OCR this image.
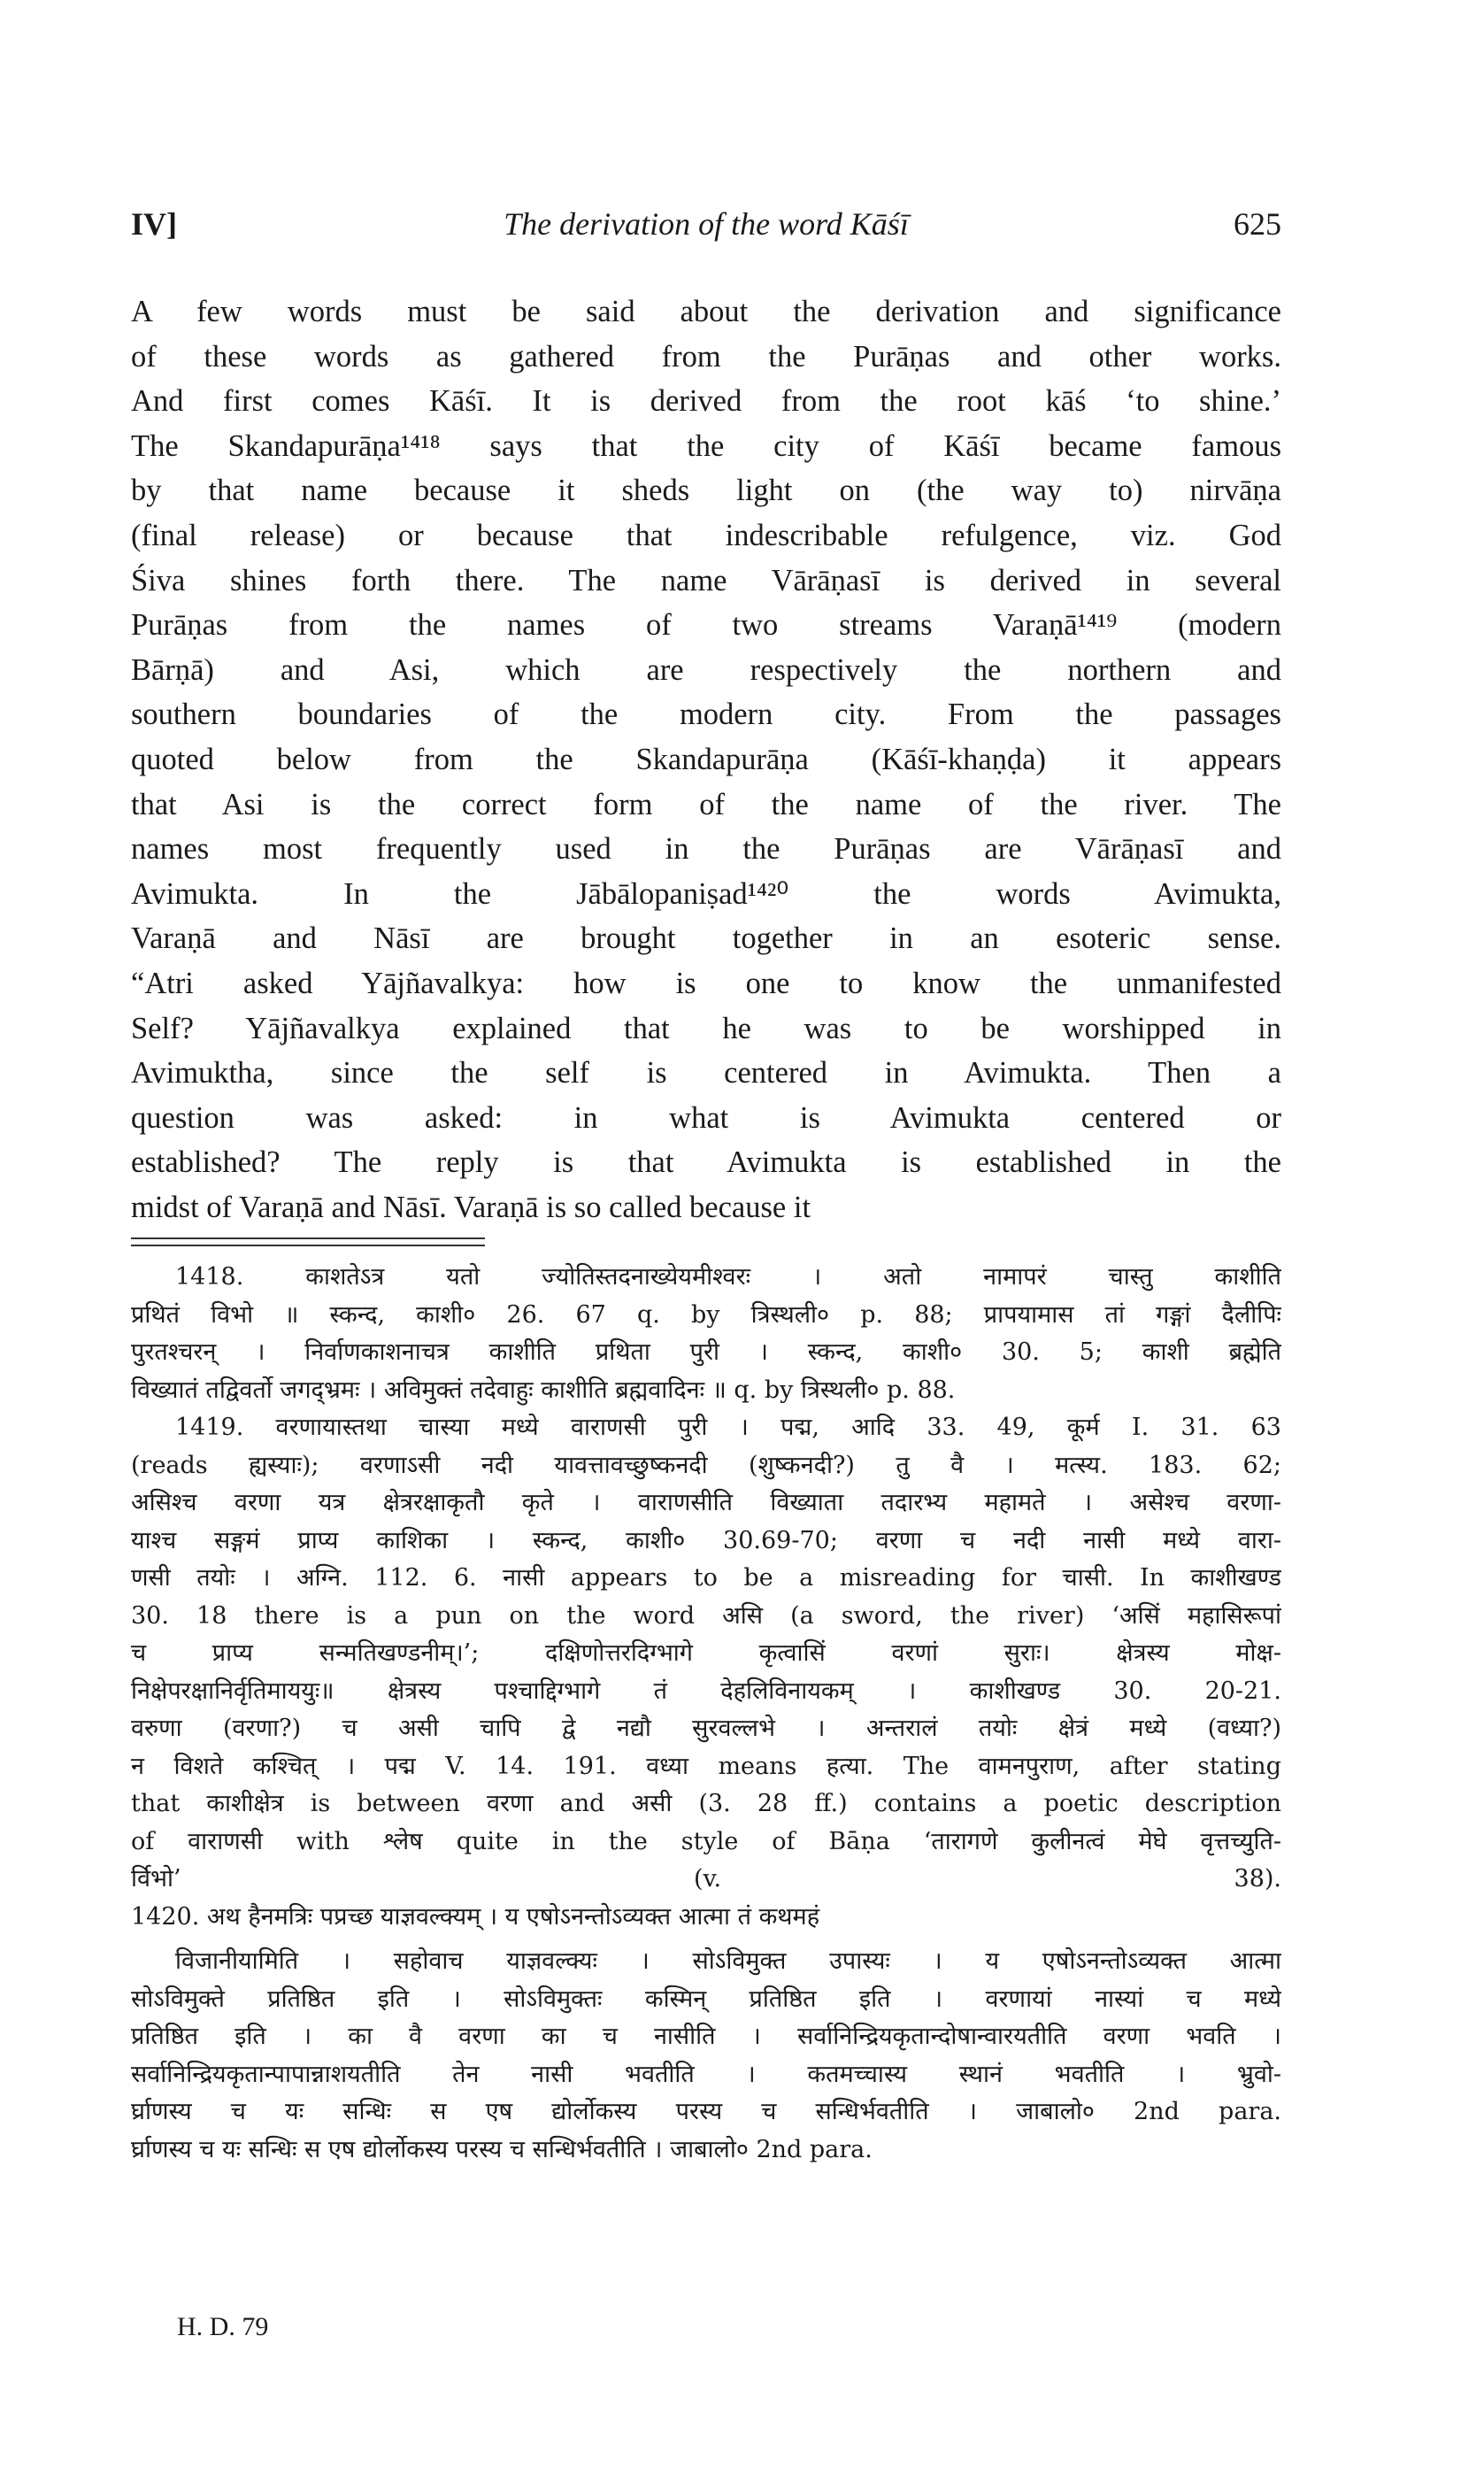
IV]	The derivation of the word Kāśī	625
A few words must be said about the derivation and significance
of these words as gathered from the Purāṇas and other works.
And first comes Kāśī. It is derived from the root kāś ‘to shine.’
The Skandapurāṇa¹⁴¹⁸ says that the city of Kāśī became famous
by that name because it sheds light on (the way to) nirvāṇa
(final release) or because that indescribable refulgence, viz. God
Śiva shines forth there. The name Vārāṇasī is derived in several
Purāṇas from the names of two streams Varaṇā¹⁴¹⁹ (modern
Bārṇā) and Asi, which are respectively the northern and
southern boundaries of the modern city. From the passages
quoted below from the Skandapurāṇa (Kāśī-khaṇḍa) it appears
that Asi is the correct form of the name of the river. The
names most frequently used in the Purāṇas are Vārāṇasī and
Avimukta. In the Jābālopaniṣad¹⁴²⁰ the words Avimukta,
Varaṇā and Nāsī are brought together in an esoteric sense.
“Atri asked Yājñavalkya: how is one to know the unmanifested
Self? Yājñavalkya explained that he was to be worshipped in
Avimuktha, since the self is centered in Avimukta. Then a
question was asked: in what is Avimukta centered or
established? The reply is that Avimukta is established in the
midst of Varaṇā and Nāsī. Varaṇā is so called because it
1418. काशतेऽत्र यतो ज्योतिस्तदनाख्येयमीश्वरः । अतो नामापरं चास्तु काशीति
प्रथितं विभो ॥ स्कन्द, काशी० 26. 67 q. by त्रिस्थली० p. 88; प्रापयामास तां गङ्गां दैलीपिः
पुरतश्चरन् । निर्वाणकाशनाचत्र काशीति प्रथिता पुरी । स्कन्द, काशी० 30. 5; काशी ब्रह्मेति
विख्यातं तद्विवर्तो जगद्भ्रमः । अविमुक्तं तदेवाहुः काशीति ब्रह्मवादिनः ॥ q. by त्रिस्थली० p. 88.
1419. वरणायास्तथा चास्या मध्ये वाराणसी पुरी । पद्म, आदि 33. 49, कूर्म I. 31. 63
(reads ह्यस्याः); वरणाऽसी नदी यावत्तावच्छुष्कनदी (शुष्कनदी?) तु वै । मत्स्य. 183. 62;
असिश्च वरणा यत्र क्षेत्ररक्षाकृतौ कृते । वाराणसीति विख्याता तदारभ्य महामते । असेश्च वरणा-
याश्च सङ्गमं प्राप्य काशिका । स्कन्द, काशी० 30.69-70; वरणा च नदी नासी मध्ये वारा-
णसी तयोः । अग्नि. 112. 6. नासी appears to be a misreading for चासी. In काशीखण्ड
30. 18 there is a pun on the word असि (a sword, the river) ‘असिं महासिरूपां
च प्राप्य सन्मतिखण्डनीम्।’; दक्षिणोत्तरदिग्भागे कृत्वासिं वरणां सुराः। क्षेत्रस्य मोक्ष-
निक्षेपरक्षानिर्वृतिमाययुः॥ क्षेत्रस्य पश्चाद्दिग्भागे तं देहलिविनायकम् । काशीखण्ड 30. 20-21.
वरुणा (वरणा?) च असी चापि द्वे नद्यौ सुरवल्लभे । अन्तरालं तयोः क्षेत्रं मध्ये (वध्या?)
न विशते कश्चित् । पद्म V. 14. 191. वध्या means हत्या. The वामनपुराण, after stating
that काशीक्षेत्र is between वरणा and असी (3. 28 ff.) contains a poetic description
of वाराणसी with श्लेष quite in the style of Bāṇa ‘तारागणे कुलीनत्वं मेघे वृत्तच्युति-
र्विभो’ (v. 38).
1420. अथ हैनमत्रिः पप्रच्छ याज्ञवल्क्यम् । य एषोऽनन्तोऽव्यक्त आत्मा तं कथमहं
विजानीयामिति । सहोवाच याज्ञवल्क्यः । सोऽविमुक्त उपास्यः । य एषोऽनन्तोऽव्यक्त आत्मा
सोऽविमुक्ते प्रतिष्ठित इति । सोऽविमुक्तः कस्मिन् प्रतिष्ठित इति । वरणायां नास्यां च मध्ये
प्रतिष्ठित इति । का वै वरणा का च नासीति । सर्वानिन्द्रियकृतान्दोषान्वारयतीति वरणा भवति ।
सर्वानिन्द्रियकृतान्पापान्नाशयतीति तेन नासी भवतीति । कतमच्चास्य स्थानं भवतीति । भ्रुवो-
र्घ्राणस्य च यः सन्धिः स एष द्योर्लोकस्य परस्य च सन्धिर्भवतीति । जाबालो० 2nd para.
र्घ्राणस्य च यः सन्धिः स एष द्योर्लोकस्य परस्य च सन्धिर्भवतीति । जाबालो० 2nd para.
H. D. 79
